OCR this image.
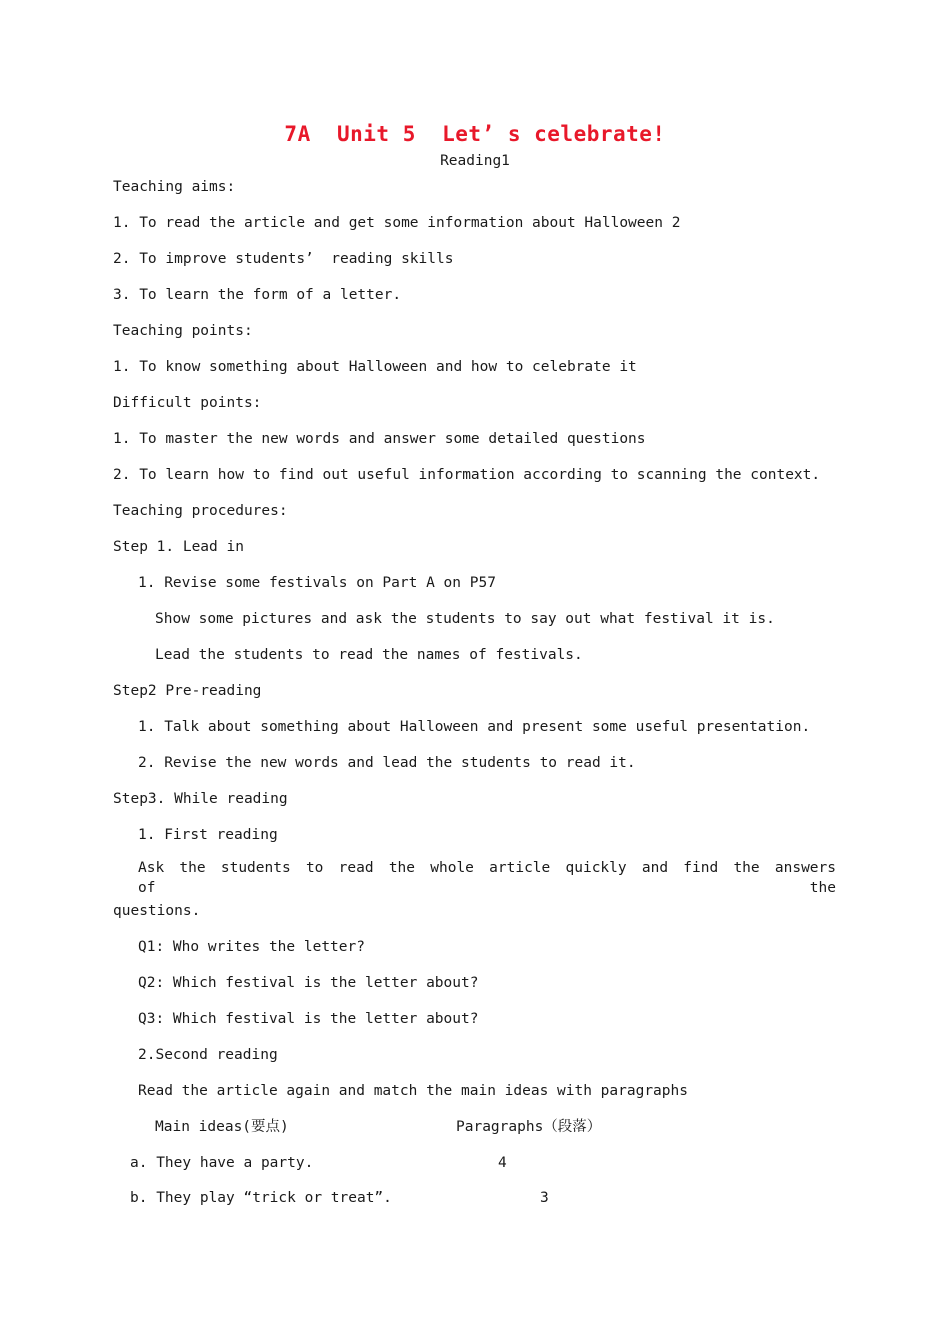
7A  Unit 5  Let’ s celebrate!
Reading1
Teaching aims:
1. To read the article and get some information about Halloween 2
2. To improve students’  reading skills
3. To learn the form of a letter.
Teaching points:
1. To know something about Halloween and how to celebrate it
Difficult points:
1. To master the new words and answer some detailed questions
2. To learn how to find out useful information according to scanning the context.
Teaching procedures:
Step 1. Lead in
1. Revise some festivals on Part A on P57
Show some pictures and ask the students to say out what festival it is.
Lead the students to read the names of festivals.
Step2 Pre-reading
1. Talk about something about Halloween and present some useful presentation.
2. Revise the new words and lead the students to read it.
Step3. While reading
1. First reading
Ask the students to read the whole article quickly and find the answers of the
questions.
Q1: Who writes the letter?
Q2: Which festival is the letter about?
Q3: Which festival is the letter about?
2.Second reading
Read the article again and match the main ideas with paragraphs
Main ideas(要点)	Paragraphs（段落）
a. They have a party.	4
b. They play “trick or treat”.	3
